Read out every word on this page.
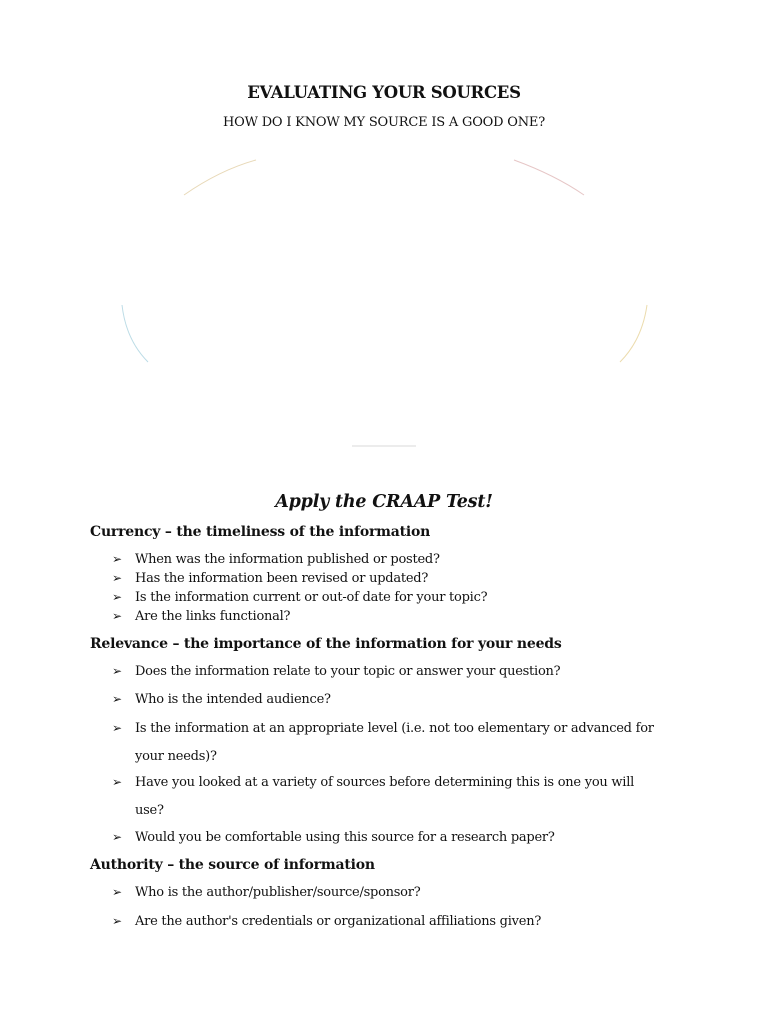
EVALUATING YOUR SOURCES
HOW DO I KNOW MY SOURCE IS A GOOD ONE?
Apply the CRAAP Test!
Currency – the timeliness of the information
➢ When was the information published or posted?
➢ Has the information been revised or updated?
➢ Is the information current or out-of date for your topic?
➢ Are the links functional?
Relevance – the importance of the information for your needs
➢ Does the information relate to your topic or answer your question?
➢ Who is the intended audience?
➢ Is the information at an appropriate level (i.e. not too elementary or advanced for
your needs)?
➢ Have you looked at a variety of sources before determining this is one you will
use?
➢ Would you be comfortable using this source for a research paper?
Authority – the source of information
➢ Who is the author/publisher/source/sponsor?
➢ Are the author's credentials or organizational affiliations given?
